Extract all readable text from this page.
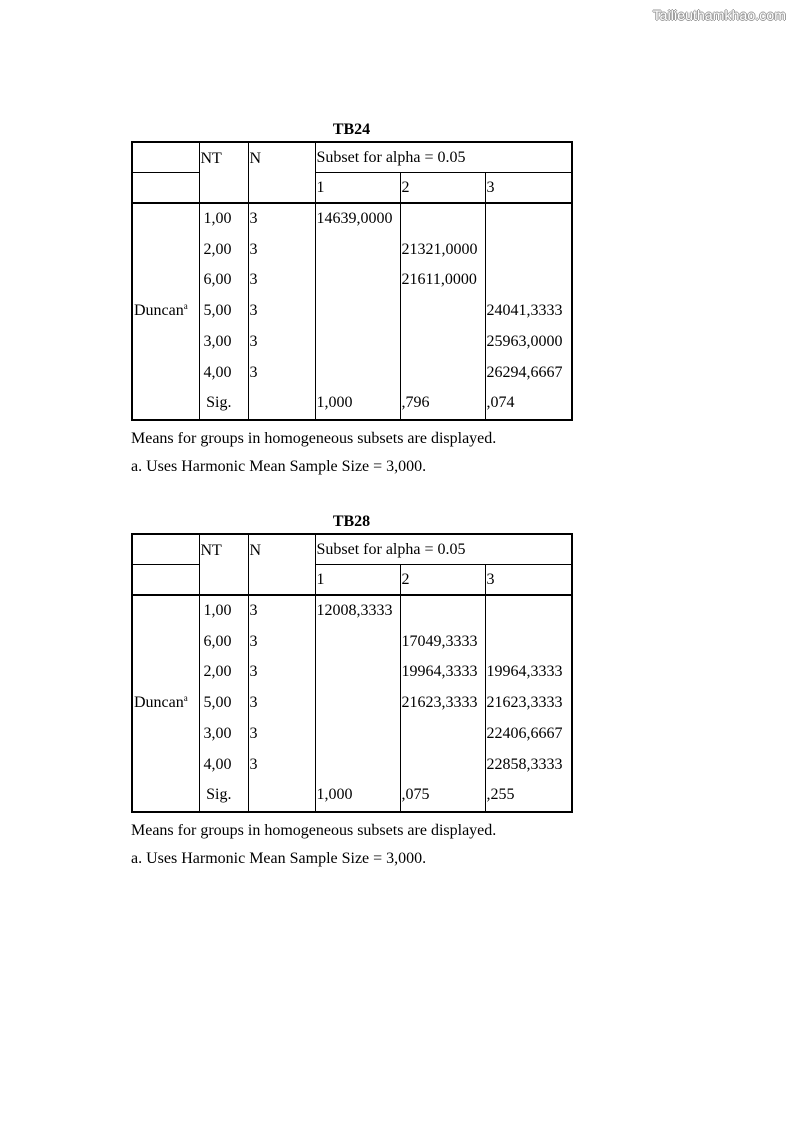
Tailieuthamkhao.com
TB24
	NT	N	Subset for alpha = 0.05		
			1	2	3
Duncan$^a$	1,00	3	14639,0000		
	2,00	3		21321,0000	
	6,00	3		21611,0000	
	5,00	3			24041,3333
	3,00	3			25963,0000
	4,00	3			26294,6667
	Sig.		1,000	,796	,074
Means for groups in homogeneous subsets are displayed.
a. Uses Harmonic Mean Sample Size = 3,000.
TB28
	NT	N	Subset for alpha = 0.05		
			1	2	3
Duncan$^a$	1,00	3	12008,3333		
	6,00	3		17049,3333	
	2,00	3		19964,3333	19964,3333
	5,00	3		21623,3333	21623,3333
	3,00	3			22406,6667
	4,00	3			22858,3333
	Sig.		1,000	,075	,255
Means for groups in homogeneous subsets are displayed.
a. Uses Harmonic Mean Sample Size = 3,000.
